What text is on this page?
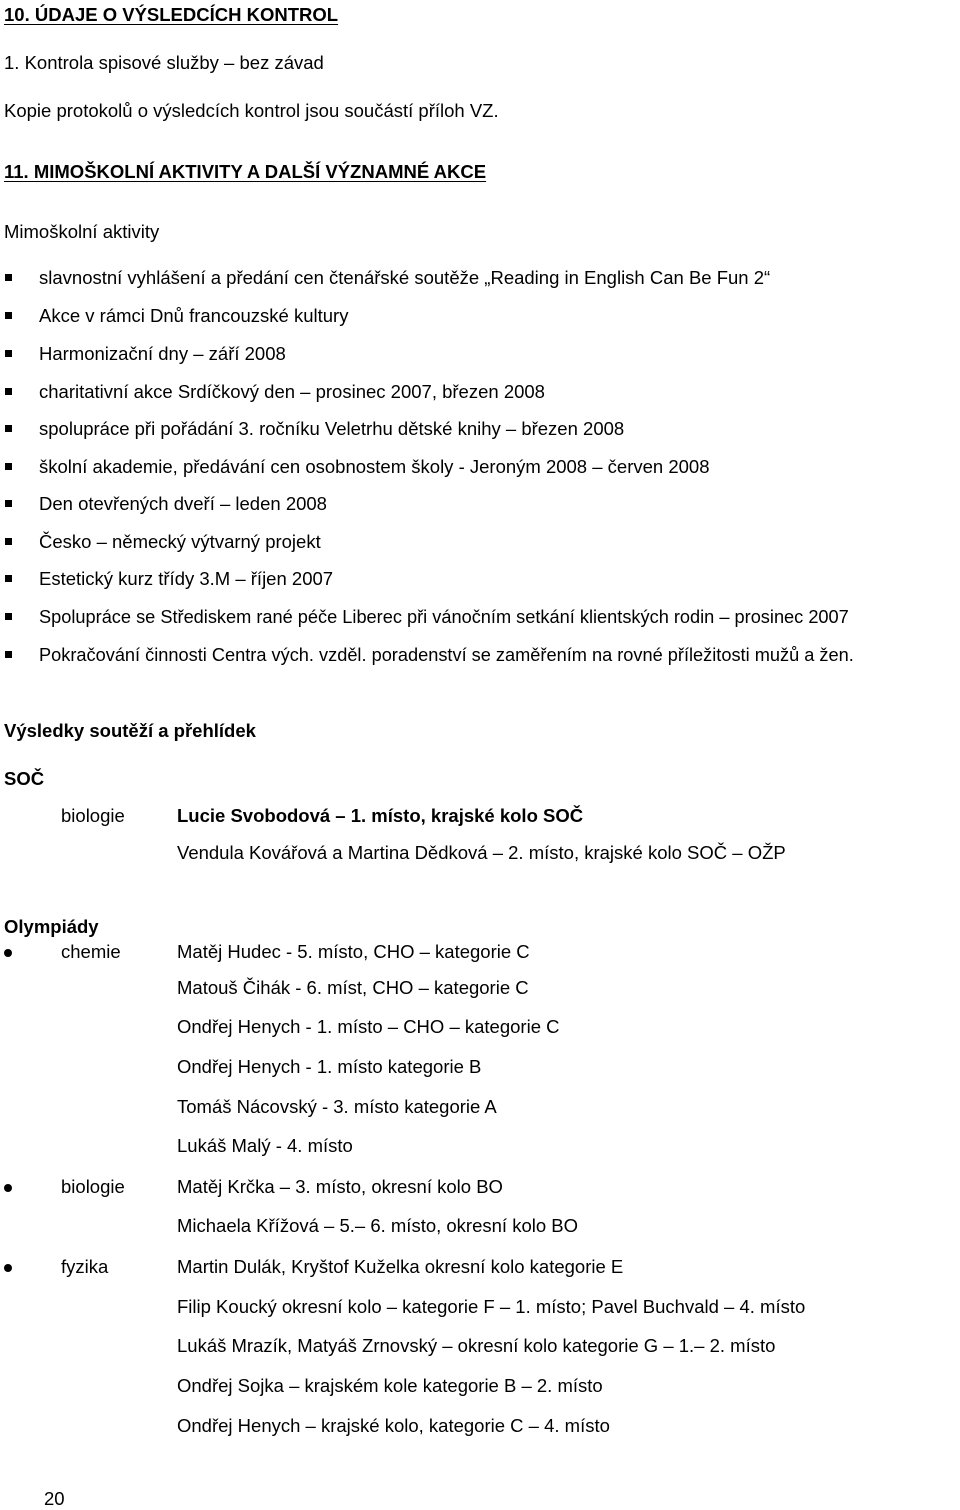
10. ÚDAJE O VÝSLEDCÍCH KONTROL
1. Kontrola spisové služby – bez závad
Kopie protokolů o výsledcích kontrol jsou součástí příloh VZ.
11. MIMOŠKOLNÍ AKTIVITY A DALŠÍ VÝZNAMNÉ AKCE
Mimoškolní aktivity
slavnostní vyhlášení a předání cen čtenářské soutěže „Reading in English Can Be Fun 2“
Akce v rámci Dnů francouzské kultury
Harmonizační dny – září 2008
charitativní akce Srdíčkový den – prosinec 2007, březen 2008
spolupráce při pořádání 3. ročníku Veletrhu dětské knihy – březen 2008
školní akademie, předávání cen osobnostem školy - Jeroným 2008 – červen 2008
Den otevřených dveří – leden 2008
Česko – německý výtvarný projekt
Estetický kurz třídy 3.M – říjen 2007
Spolupráce se Střediskem rané péče Liberec při vánočním setkání klientských rodin – prosinec 2007
Pokračování činnosti Centra vých. vzděl. poradenství se zaměřením na rovné příležitosti mužů a žen.
Výsledky soutěží a přehlídek
SOČ
biologie	Lucie Svobodová – 1. místo, krajské kolo SOČ
Vendula Kovářová a Martina Dědková – 2. místo, krajské kolo SOČ – OŽP
Olympiády
chemie	Matěj Hudec - 5. místo, CHO – kategorie C
Matouš Čihák - 6. míst, CHO – kategorie C
Ondřej Henych - 1. místo – CHO – kategorie C
Ondřej Henych - 1. místo kategorie B
Tomáš Nácovský - 3. místo kategorie A
Lukáš Malý - 4. místo
biologie	Matěj Krčka – 3. místo, okresní kolo BO
Michaela Křížová – 5.– 6. místo, okresní kolo BO
fyzika	Martin Dulák, Kryštof Kuželka okresní kolo kategorie E
Filip Koucký okresní kolo – kategorie F – 1. místo; Pavel Buchvald – 4. místo
Lukáš Mrazík, Matyáš Zrnovský – okresní kolo kategorie G – 1.– 2. místo
Ondřej Sojka – krajském kole kategorie B – 2. místo
Ondřej Henych – krajské kolo, kategorie C – 4. místo
20
